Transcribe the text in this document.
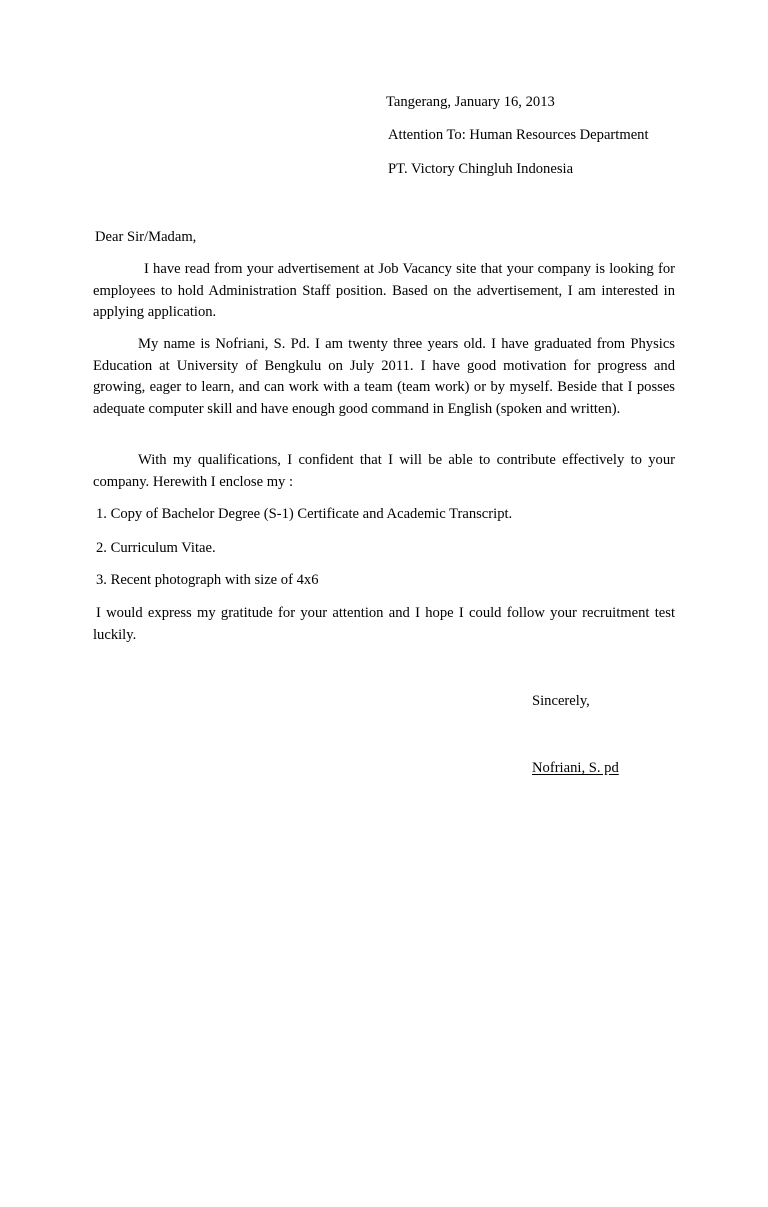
Tangerang, January 16, 2013
Attention To: Human Resources Department
PT. Victory Chingluh Indonesia
Dear Sir/Madam,
I have read from your advertisement at Job Vacancy site that your company is looking for employees to hold Administration Staff position. Based on the advertisement, I am interested in applying application.
My name is Nofriani, S. Pd. I am twenty three years old. I have graduated from Physics Education at University of Bengkulu on July 2011. I have good motivation for progress and growing, eager to learn, and can work with a team (team work) or by myself. Beside that I posses adequate computer skill and have enough good command in English (spoken and written).
With my qualifications, I confident that I will be able to contribute effectively to your company. Herewith I enclose my :
1. Copy of Bachelor Degree (S-1) Certificate and Academic Transcript.
2. Curriculum Vitae.
3. Recent photograph with size of 4x6
I would express my gratitude for your attention and I hope I could follow your recruitment test luckily.
Sincerely,
Nofriani, S. pd
